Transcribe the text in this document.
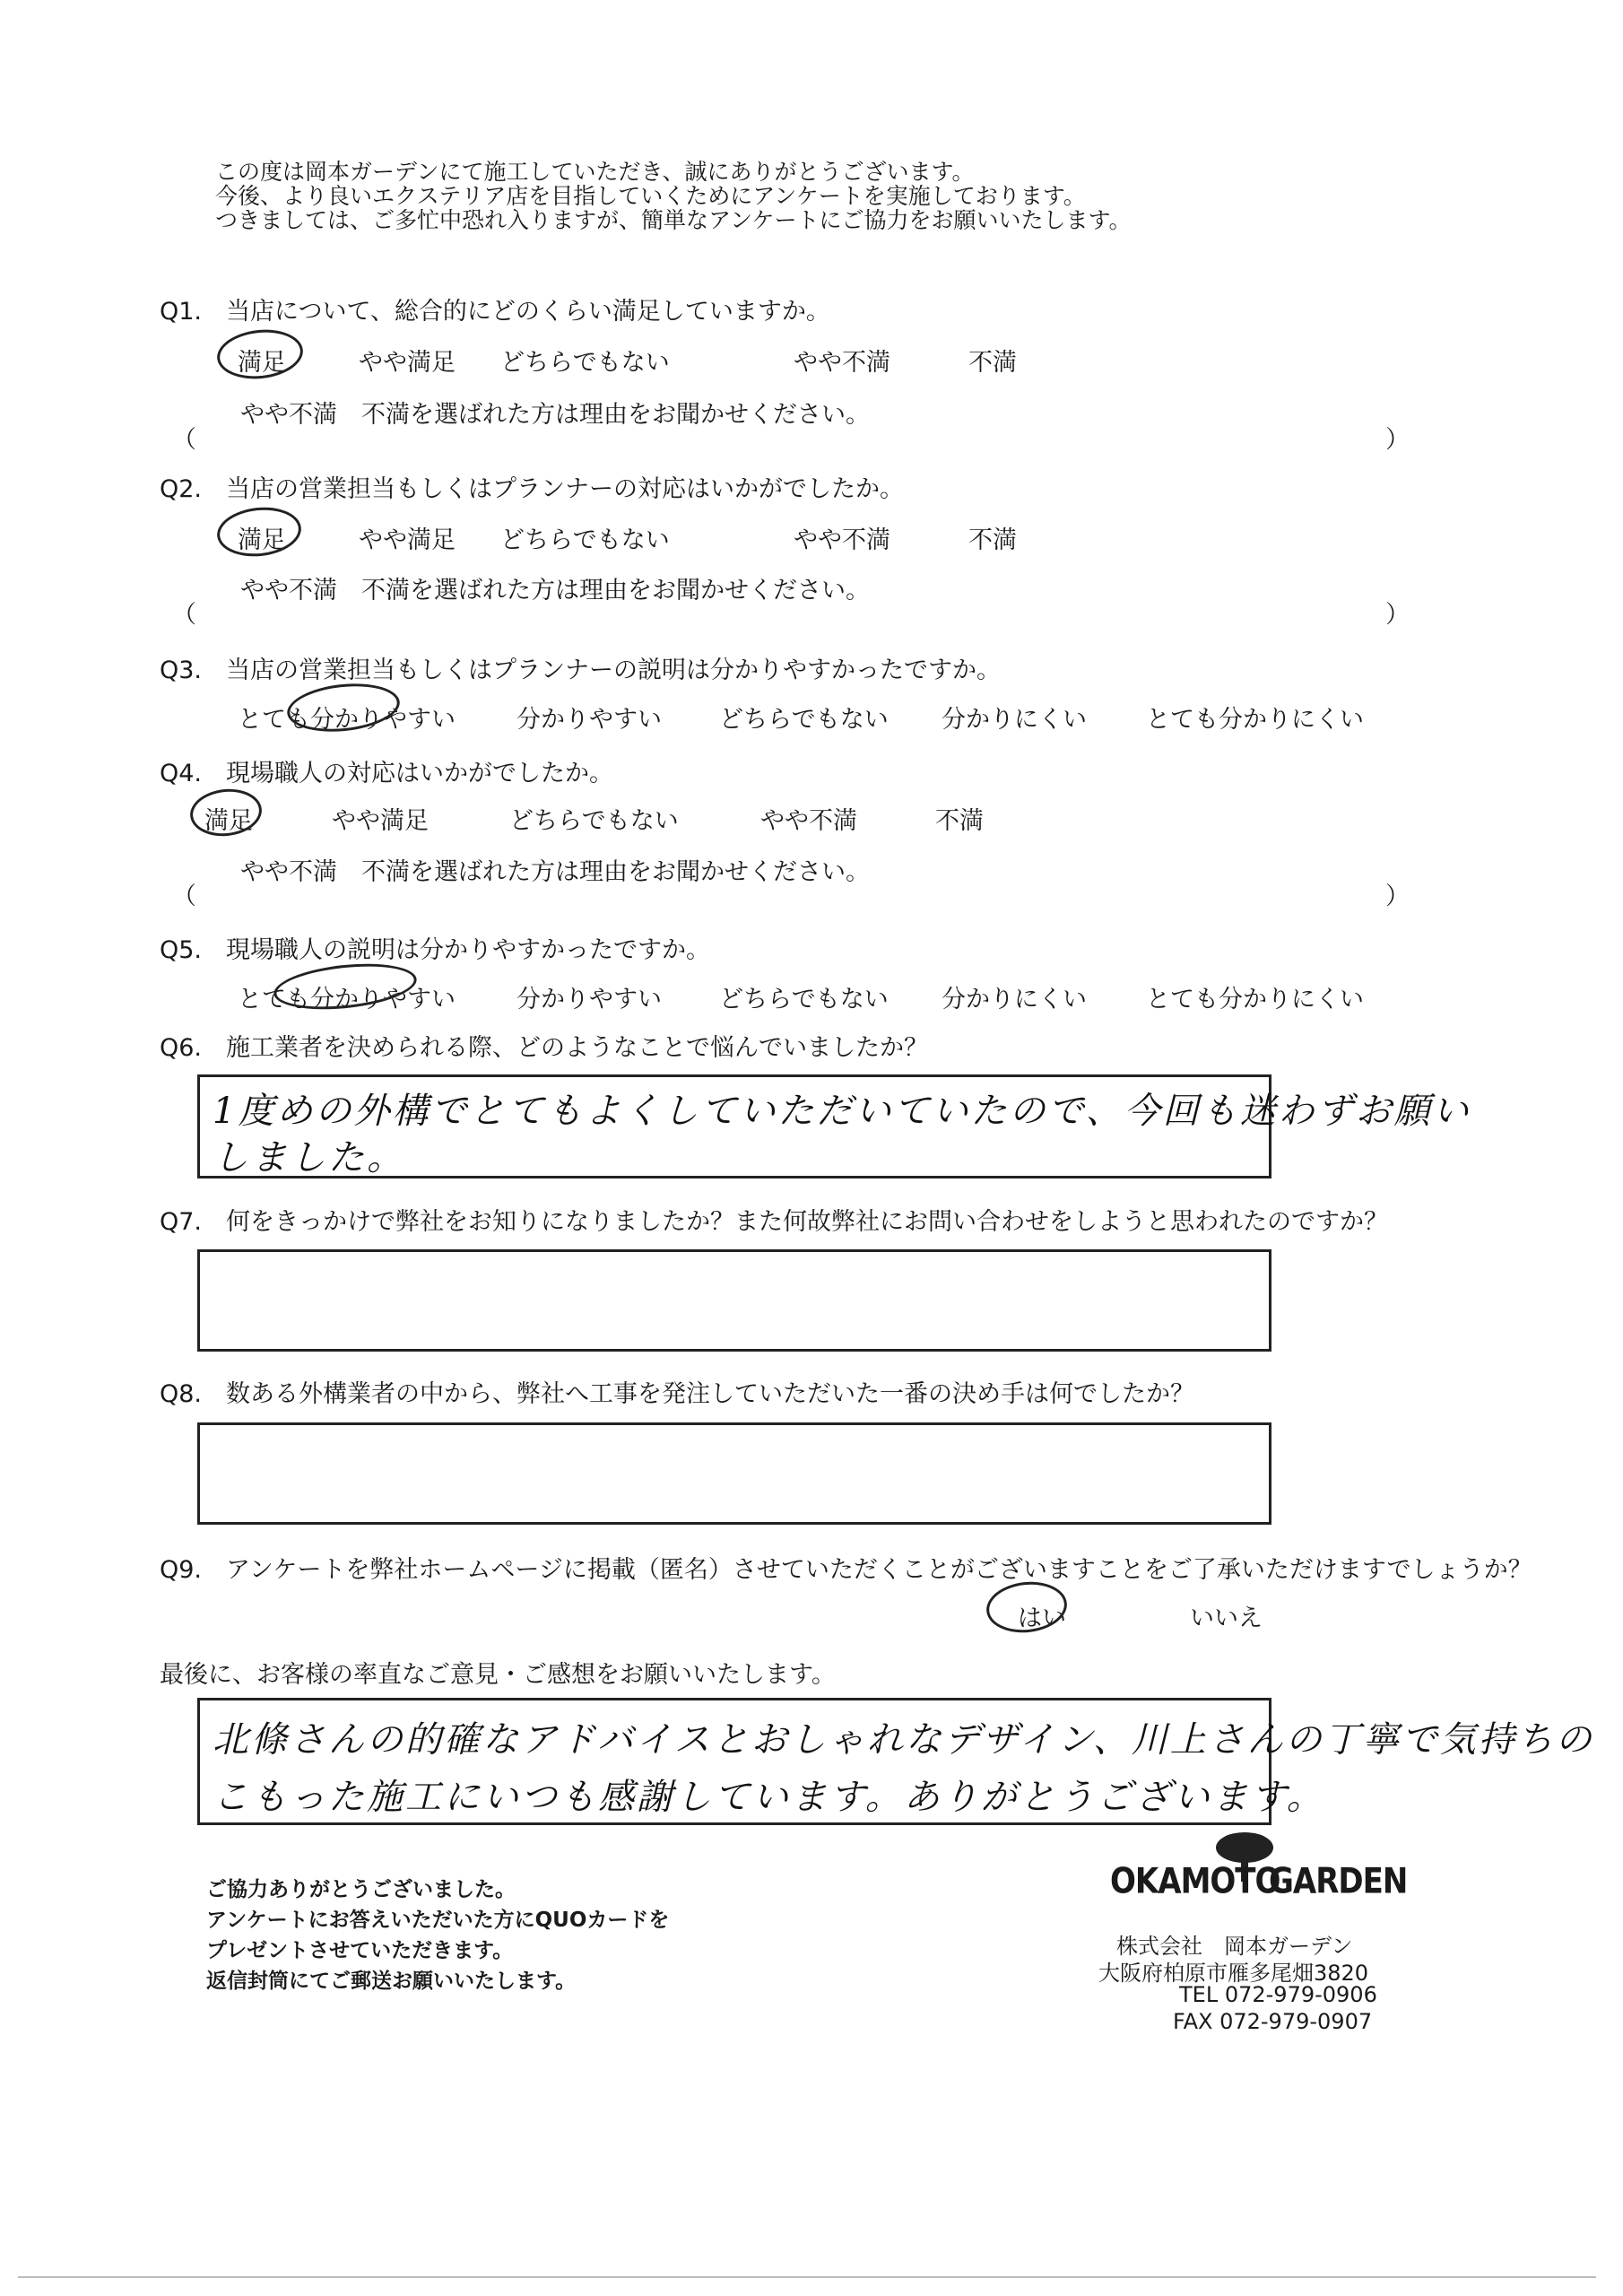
この度は岡本ガーデンにて施工していただき、誠にありがとうございます。
今後、より良いエクステリア店を目指していくためにアンケートを実施しております。
つきましては、ご多忙中恐れ入りますが、簡単なアンケートにご協力をお願いいたします。
Q1.　当店について、総合的にどのくらい満足していますか。
満足	やや満足 どちらでもない	やや不満	不満
やや不満　不満を選ばれた方は理由をお聞かせください。
（	）
Q2.　当店の営業担当もしくはプランナーの対応はいかがでしたか。
満足	やや満足 どちらでもない	やや不満	不満
やや不満　不満を選ばれた方は理由をお聞かせください。
（	）
Q3.　当店の営業担当もしくはプランナーの説明は分かりやすかったですか。
とても分かりやすい	分かりやすい どちらでもない 分かりにくい とても分かりにくい
Q4.　現場職人の対応はいかがでしたか。
満足	やや満足	どちらでもない	やや不満	不満
やや不満　不満を選ばれた方は理由をお聞かせください。
（	）
Q5.　現場職人の説明は分かりやすかったですか。
とても分かりやすい	分かりやすい どちらでもない 分かりにくい とても分かりにくい
Q6.　施工業者を決められる際、どのようなことで悩んでいましたか？
1度めの外構でとてもよくしていただいていたので、今回も迷わずお願い
しました。
Q7.　何をきっかけで弊社をお知りになりましたか？また何故弊社にお問い合わせをしようと思われたのですか？
Q8.　数ある外構業者の中から、弊社へ工事を発注していただいた一番の決め手は何でしたか？
Q9.　アンケートを弊社ホームページに掲載（匿名）させていただくことがございますことをご了承いただけますでしょうか？
はい	いいえ
最後に、お客様の率直なご意見・ご感想をお願いいたします。
北條さんの的確なアドバイスとおしゃれなデザイン、川上さんの丁寧で気持ちの
こもった施工にいつも感謝しています。ありがとうございます。
ご協力ありがとうございました。
アンケートにお答えいただいた方にQUOカードを
プレゼントさせていただきます。
返信封筒にてご郵送お願いいたします。
OKAMOTO
GARDEN
株式会社　岡本ガーデン
大阪府柏原市雁多尾畑3820
TEL 072-979-0906
FAX 072-979-0907
